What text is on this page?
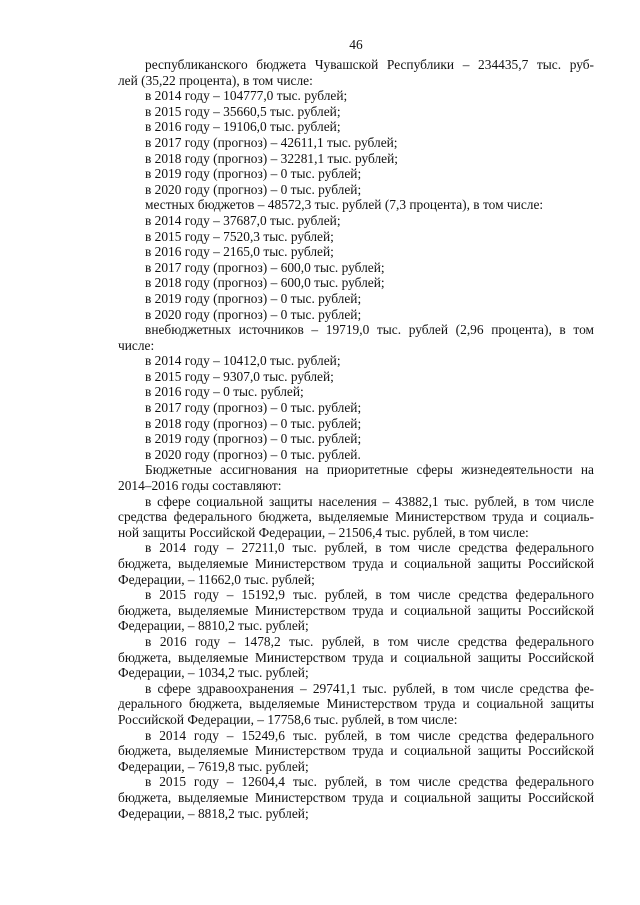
46
республиканского бюджета Чувашской Республики – 234435,7 тыс. руб-
лей (35,22 процента), в том числе:
в 2014 году – 104777,0 тыс. рублей;
в 2015 году – 35660,5 тыс. рублей;
в 2016 году – 19106,0 тыс. рублей;
в 2017 году (прогноз) – 42611,1 тыс. рублей;
в 2018 году (прогноз) – 32281,1 тыс. рублей;
в 2019 году (прогноз) – 0 тыс. рублей;
в 2020 году (прогноз) – 0 тыс. рублей;
местных бюджетов – 48572,3 тыс. рублей (7,3 процента), в том числе:
в 2014 году – 37687,0 тыс. рублей;
в 2015 году – 7520,3 тыс. рублей;
в 2016 году – 2165,0 тыс. рублей;
в 2017 году (прогноз) – 600,0 тыс. рублей;
в 2018 году (прогноз) – 600,0 тыс. рублей;
в 2019 году (прогноз) – 0 тыс. рублей;
в 2020 году (прогноз) – 0 тыс. рублей;
внебюджетных источников – 19719,0 тыс. рублей (2,96 процента), в том
числе:
в 2014 году – 10412,0 тыс. рублей;
в 2015 году – 9307,0 тыс. рублей;
в 2016 году – 0 тыс. рублей;
в 2017 году (прогноз) – 0 тыс. рублей;
в 2018 году (прогноз) – 0 тыс. рублей;
в 2019 году (прогноз) – 0 тыс. рублей;
в 2020 году (прогноз) – 0 тыс. рублей.
Бюджетные ассигнования на приоритетные сферы жизнедеятельности на
2014–2016 годы составляют:
в сфере социальной защиты населения – 43882,1 тыс. рублей, в том числе
средства федерального бюджета, выделяемые Министерством труда и социаль-
ной защиты Российской Федерации, – 21506,4 тыс. рублей, в том числе:
в 2014 году – 27211,0 тыс. рублей, в том числе средства федерального
бюджета, выделяемые Министерством труда и социальной защиты Российской
Федерации, – 11662,0 тыс. рублей;
в 2015 году – 15192,9 тыс. рублей, в том числе средства федерального
бюджета, выделяемые Министерством труда и социальной защиты Российской
Федерации, – 8810,2 тыс. рублей;
в 2016 году – 1478,2 тыс. рублей, в том числе средства федерального
бюджета, выделяемые Министерством труда и социальной защиты Российской
Федерации, – 1034,2 тыс. рублей;
в сфере здравоохранения – 29741,1 тыс. рублей, в том числе средства фе-
дерального бюджета, выделяемые Министерством труда и социальной защиты
Российской Федерации, – 17758,6 тыс. рублей, в том числе:
в 2014 году – 15249,6 тыс. рублей, в том числе средства федерального
бюджета, выделяемые Министерством труда и социальной защиты Российской
Федерации, – 7619,8 тыс. рублей;
в 2015 году – 12604,4 тыс. рублей, в том числе средства федерального
бюджета, выделяемые Министерством труда и социальной защиты Российской
Федерации, – 8818,2 тыс. рублей;
